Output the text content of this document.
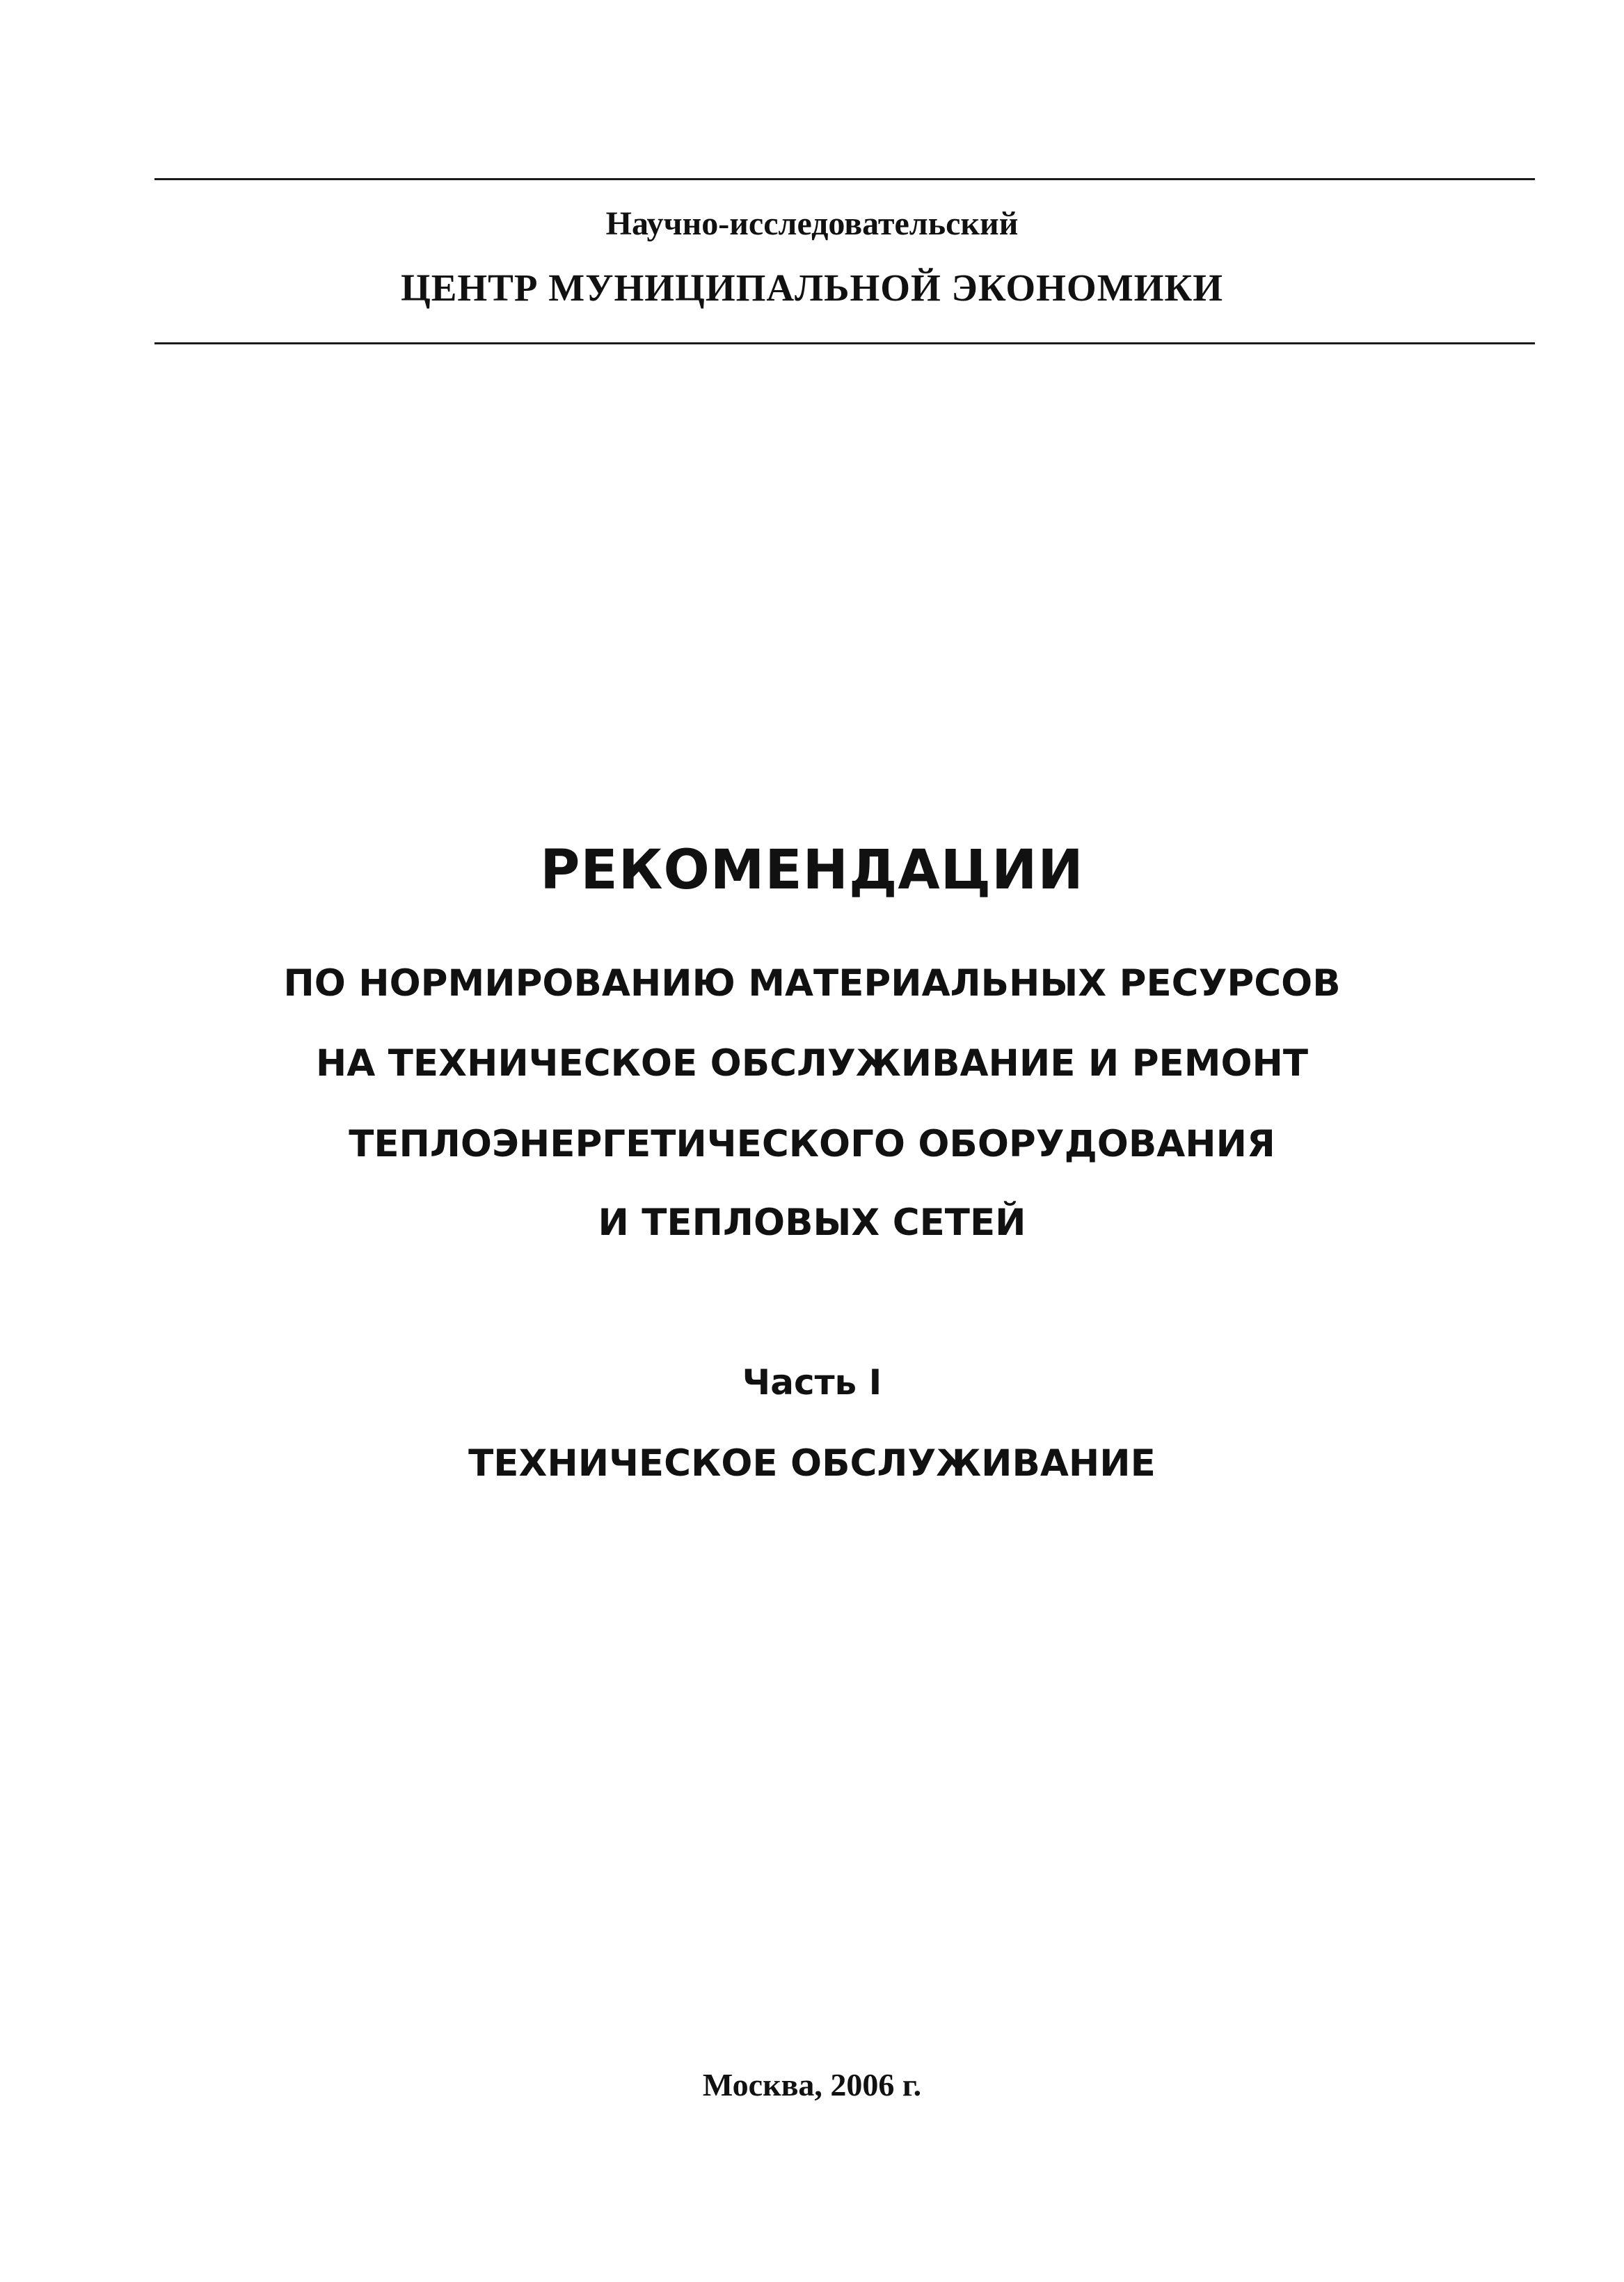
Научно-исследовательский
ЦЕНТР МУНИЦИПАЛЬНОЙ ЭКОНОМИКИ
РЕКОМЕНДАЦИИ
ПО НОРМИРОВАНИЮ МАТЕРИАЛЬНЫХ РЕСУРСОВ
НА ТЕХНИЧЕСКОЕ ОБСЛУЖИВАНИЕ И РЕМОНТ
ТЕПЛОЭНЕРГЕТИЧЕСКОГО ОБОРУДОВАНИЯ
И ТЕПЛОВЫХ СЕТЕЙ
Часть I
ТЕХНИЧЕСКОЕ ОБСЛУЖИВАНИЕ
Москва, 2006 г.
